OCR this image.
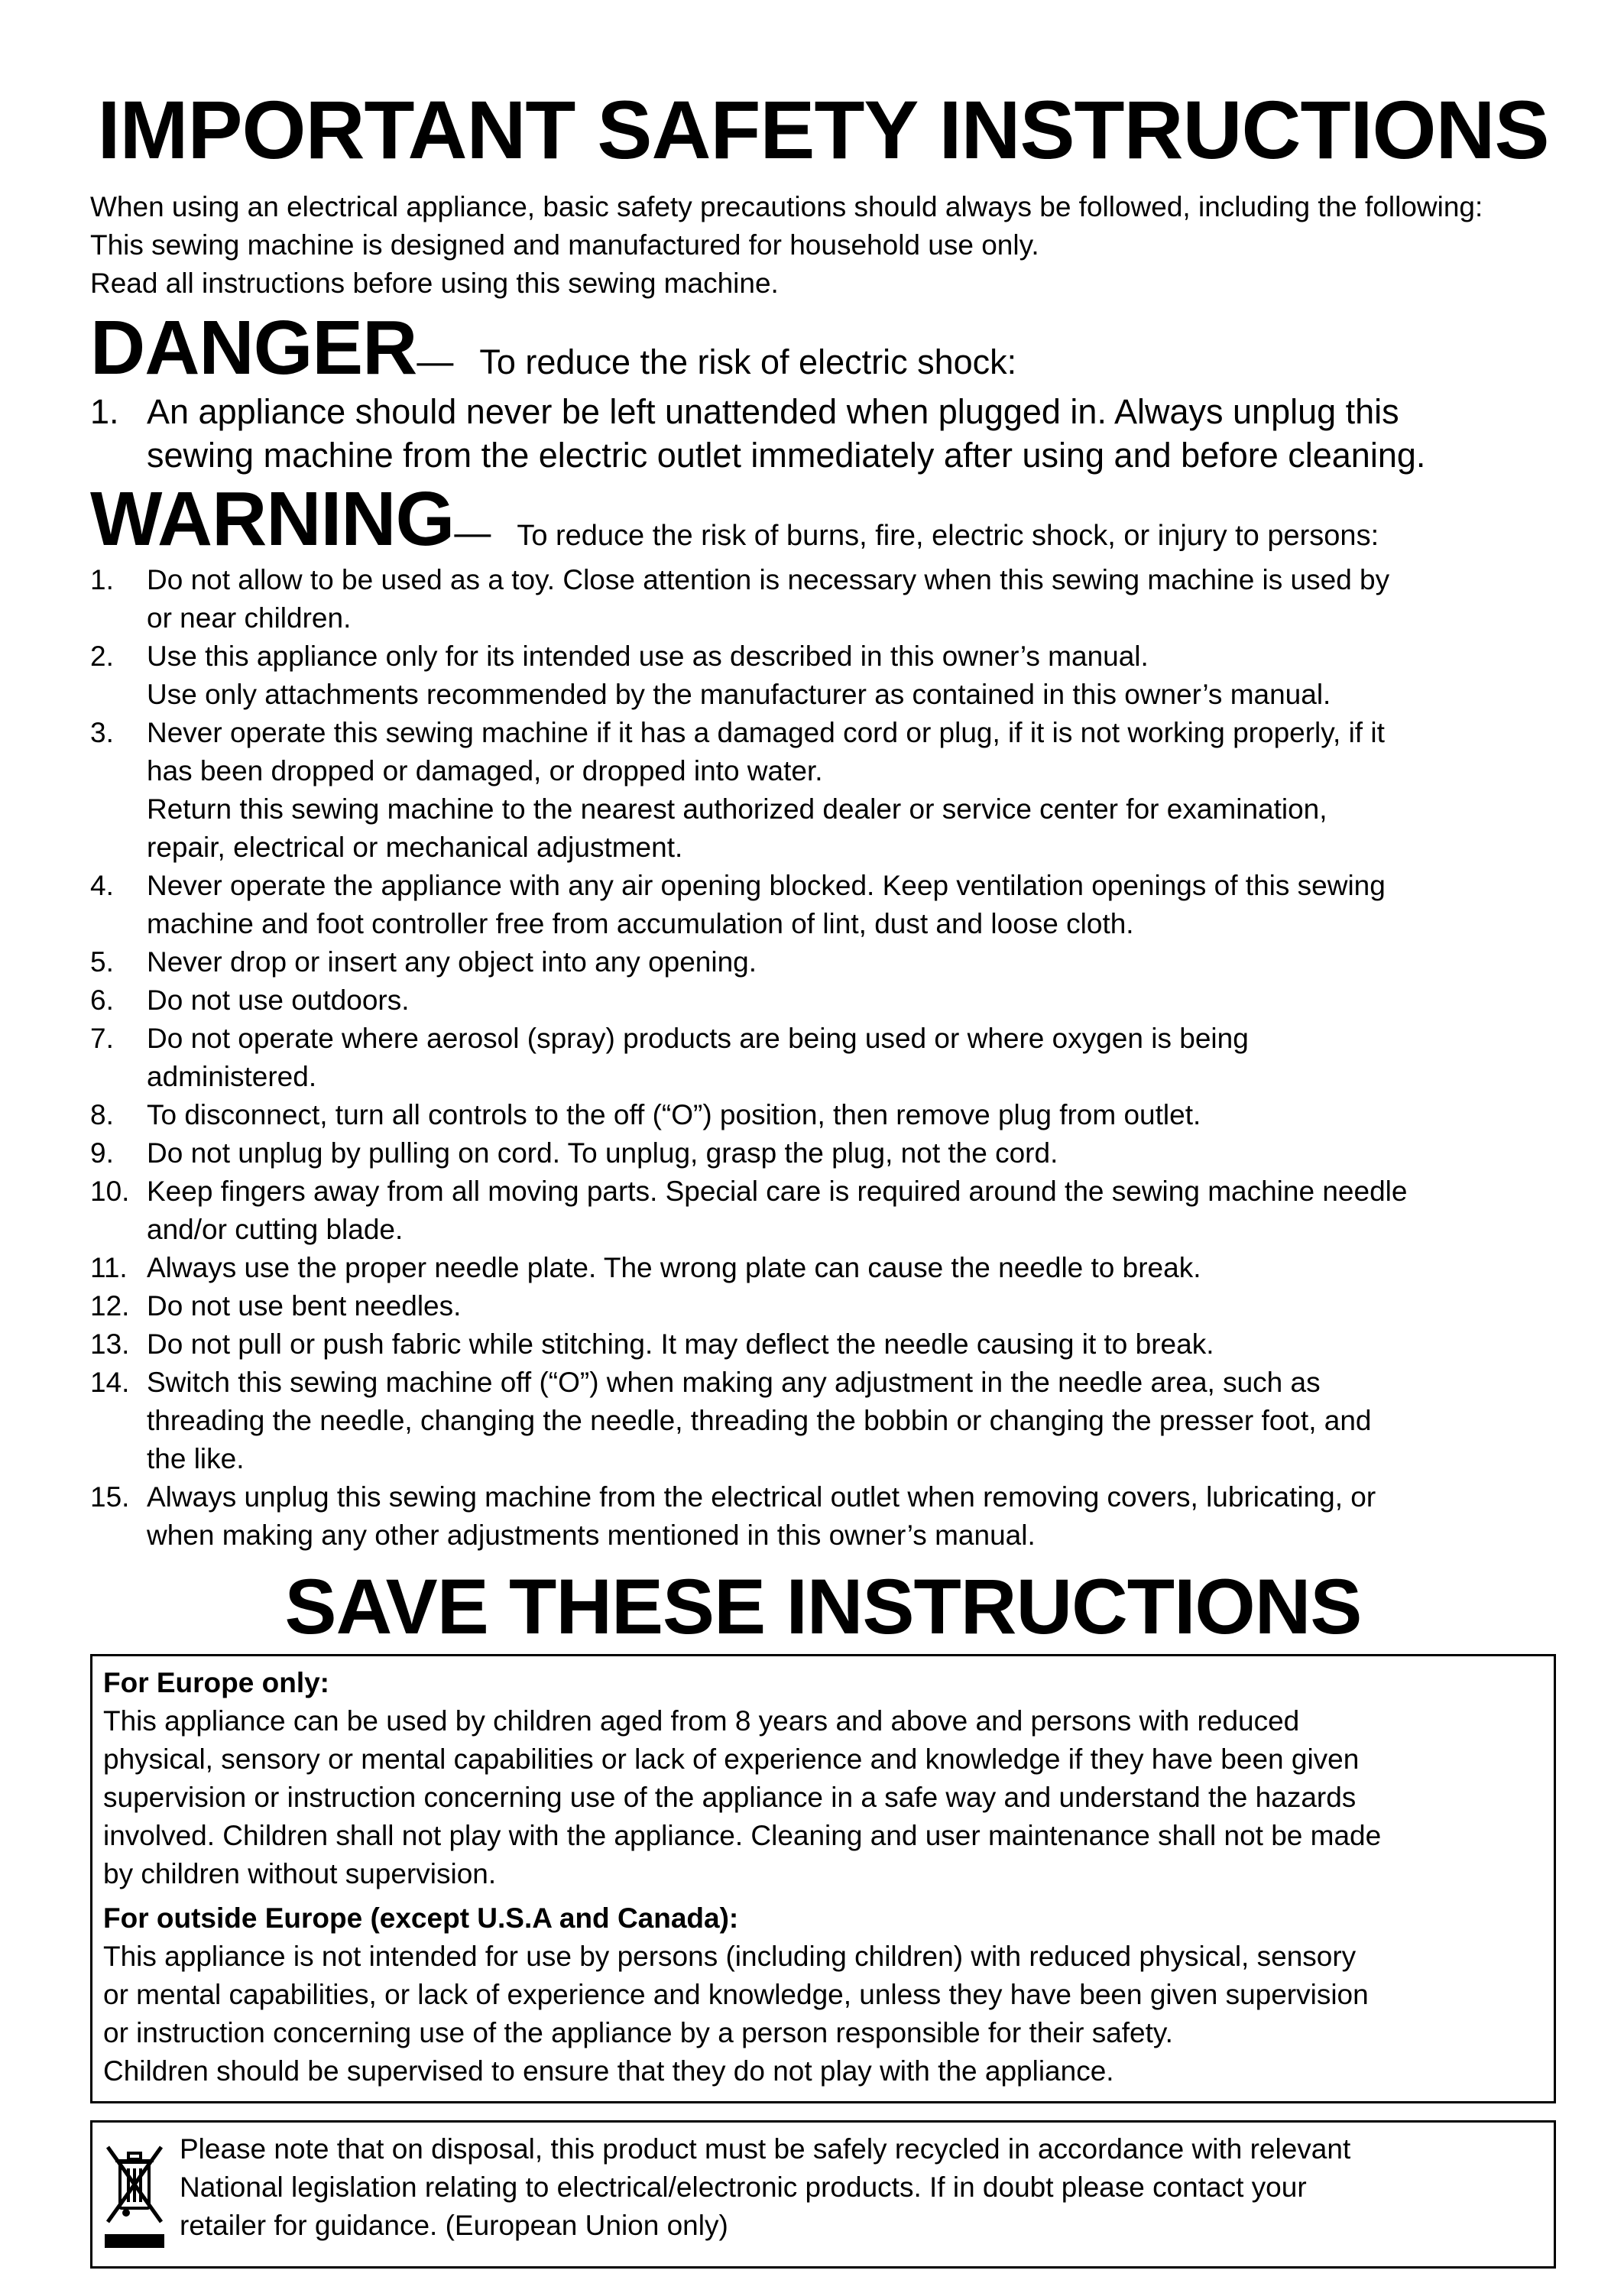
IMPORTANT SAFETY INSTRUCTIONS

When using an electrical appliance, basic safety precautions should always be followed, including the following:

This sewing machine is designed and manufactured for household use only.

Read all instructions before using this sewing machine.

DANGER — To reduce the risk of electric shock:
1. An appliance should never be left unattended when plugged in. Always unplug this
sewing machine from the electric outlet immediately after using and before cleaning.
WARNING — To reduce the risk of burns, fire, electric shock, or injury to persons:
1. Do not allow to be used as a toy. Close attention is necessary when this sewing machine is used by
or near children.
2. Use this appliance only for its intended use as described in this owner’s manual.
Use only attachments recommended by the manufacturer as contained in this owner’s manual.
3. Never operate this sewing machine if it has a damaged cord or plug, if it is not working properly, if it
has been dropped or damaged, or dropped into water.
Return this sewing machine to the nearest authorized dealer or service center for examination,
repair, electrical or mechanical adjustment.
4. Never operate the appliance with any air opening blocked. Keep ventilation openings of this sewing
machine and foot controller free from accumulation of lint, dust and loose cloth.
5. Never drop or insert any object into any opening.
6. Do not use outdoors.
7. Do not operate where aerosol (spray) products are being used or where oxygen is being
administered.
8. To disconnect, turn all controls to the off (“O”) position, then remove plug from outlet.
9. Do not unplug by pulling on cord. To unplug, grasp the plug, not the cord.
10. Keep fingers away from all moving parts. Special care is required around the sewing machine needle
and/or cutting blade.
11. Always use the proper needle plate. The wrong plate can cause the needle to break.
12. Do not use bent needles.
13. Do not pull or push fabric while stitching. It may deflect the needle causing it to break.
14. Switch this sewing machine off (“O”) when making any adjustment in the needle area, such as
threading the needle, changing the needle, threading the bobbin or changing the presser foot, and
the like.
15. Always unplug this sewing machine from the electrical outlet when removing covers, lubricating, or
when making any other adjustments mentioned in this owner’s manual.
SAVE THESE INSTRUCTIONS

For Europe only:

This appliance can be used by children aged from 8 years and above and persons with reduced

physical, sensory or mental capabilities or lack of experience and knowledge if they have been given

supervision or instruction concerning use of the appliance in a safe way and understand the hazards

involved. Children shall not play with the appliance. Cleaning and user maintenance shall not be made

by children without supervision.

For outside Europe (except U.S.A and Canada):

This appliance is not intended for use by persons (including children) with reduced physical, sensory

or mental capabilities, or lack of experience and knowledge, unless they have been given supervision

or instruction concerning use of the appliance by a person responsible for their safety.

Children should be supervised to ensure that they do not play with the appliance.

Please note that on disposal, this product must be safely recycled in accordance with relevant
National legislation relating to electrical/electronic products. If in doubt please contact your
retailer for guidance. (European Union only)
